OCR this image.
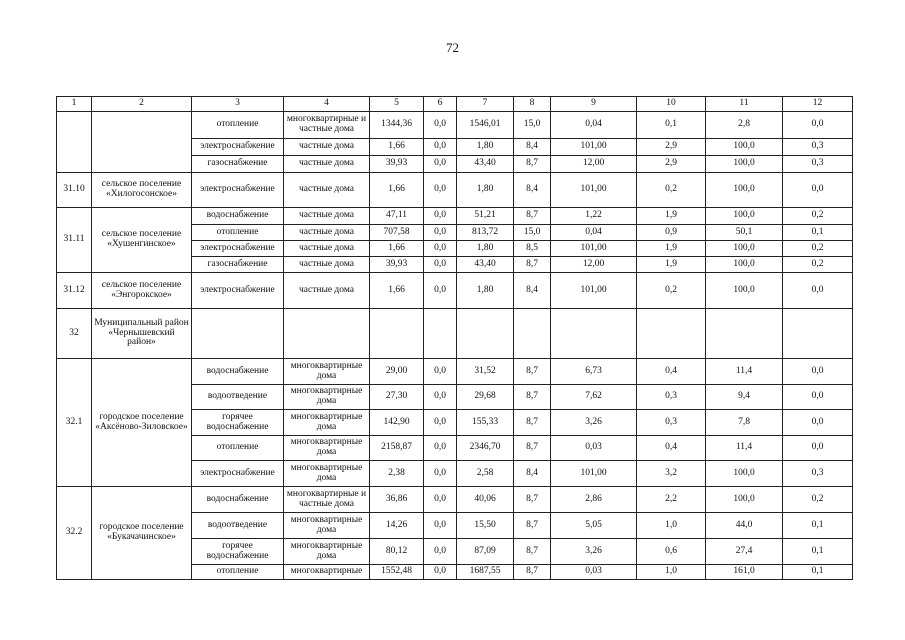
72
1	2	3	4	5	6	7	8	9	10	11	12
		отопление	многоквартирные и частные дома	1344,36	0,0	1546,01	15,0	0,04	0,1	2,8	0,0
		электроснабжение	частные дома	1,66	0,0	1,80	8,4	101,00	2,9	100,0	0,3
		газоснабжение	частные дома	39,93	0,0	43,40	8,7	12,00	2,9	100,0	0,3
31.10	сельское поселение «Хилогосонское»	электроснабжение	частные дома	1,66	0,0	1,80	8,4	101,00	0,2	100,0	0,0
31.11	сельское поселение «Хушенгинское»	водоснабжение	частные дома	47,11	0,0	51,21	8,7	1,22	1,9	100,0	0,2
		отопление	частные дома	707,58	0,0	813,72	15,0	0,04	0,9	50,1	0,1
		электроснабжение	частные дома	1,66	0,0	1,80	8,5	101,00	1,9	100,0	0,2
		газоснабжение	частные дома	39,93	0,0	43,40	8,7	12,00	1,9	100,0	0,2
31.12	сельское поселение «Энгорокское»	электроснабжение	частные дома	1,66	0,0	1,80	8,4	101,00	0,2	100,0	0,0
32	Муниципальный район «Чернышевский район»										
32.1	городское поселение «Аксёново-Зиловское»	водоснабжение	многоквартирные дома	29,00	0,0	31,52	8,7	6,73	0,4	11,4	0,0
		водоотведение	многоквартирные дома	27,30	0,0	29,68	8,7	7,62	0,3	9,4	0,0
		горячее водоснабжение	многоквартирные дома	142,90	0,0	155,33	8,7	3,26	0,3	7,8	0,0
		отопление	многоквартирные дома	2158,87	0,0	2346,70	8,7	0,03	0,4	11,4	0,0
		электроснабжение	многоквартирные дома	2,38	0,0	2,58	8,4	101,00	3,2	100,0	0,3
32.2	городское поселение «Букачачинское»	водоснабжение	многоквартирные и частные дома	36,86	0,0	40,06	8,7	2,86	2,2	100,0	0,2
		водоотведение	многоквартирные дома	14,26	0,0	15,50	8,7	5,05	1,0	44,0	0,1
		горячее водоснабжение	многоквартирные дома	80,12	0,0	87,09	8,7	3,26	0,6	27,4	0,1
		отопление	многоквартирные	1552,48	0,0	1687,55	8,7	0,03	1,0	161,0	0,1
